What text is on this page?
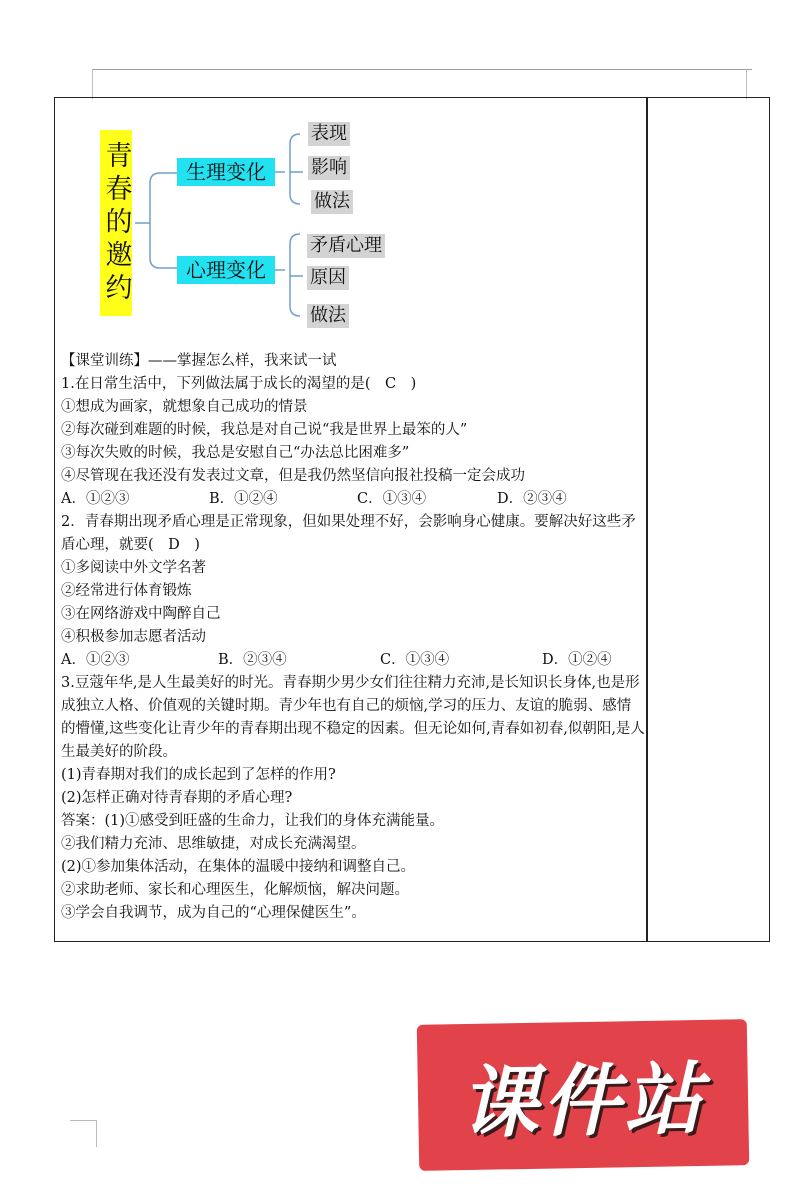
青春的邀约	生理变化
心理变化
表现
影响
做法
矛盾心理
原因
做法

【课堂训练】——掌握怎么样，我来试一试

1.在日常生活中，下列做法属于成长的渴望的是(　C　)

①想成为画家，就想象自己成功的情景

②每次碰到难题的时候，我总是对自己说“我是世界上最笨的人”

③每次失败的时候，我总是安慰自己“办法总比困难多”

④尽管现在我还没有发表过文章，但是我仍然坚信向报社投稿一定会成功

A．①②③	B．①②④	C．①③④	D．②③④

2．青春期出现矛盾心理是正常现象，但如果处理不好，会影响身心健康。要解决好这些矛盾心理，就要(　D　)

①多阅读中外文学名著

②经常进行体育锻炼

③在网络游戏中陶醉自己

④积极参加志愿者活动

A．①②③	B．②③④	C．①③④	D．①②④

3.豆蔻年华,是人生最美好的时光。青春期少男少女们往往精力充沛,是长知识长身体,也是形成独立人格、价值观的关键时期。青少年也有自己的烦恼,学习的压力、友谊的脆弱、感情的懵懂,这些变化让青少年的青春期出现不稳定的因素。但无论如何,青春如初春,似朝阳,是人生最美好的阶段。

(1)青春期对我们的成长起到了怎样的作用?

(2)怎样正确对待青春期的矛盾心理?

答案：(1)①感受到旺盛的生命力，让我们的身体充满能量。

②我们精力充沛、思维敏捷，对成长充满渴望。

(2)①参加集体活动，在集体的温暖中接纳和调整自己。

②求助老师、家长和心理医生，化解烦恼，解决问题。

③学会自我调节，成为自己的“心理保健医生”。

课件站
